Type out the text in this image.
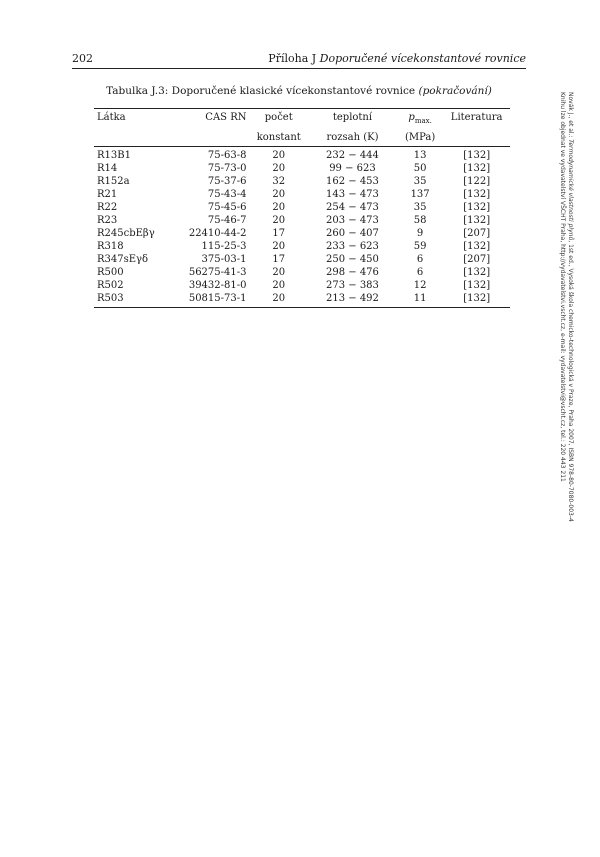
202	Příloha J Doporučené vícekonstantové rovnice
Tabulka J.3: Doporučené klasické vícekonstantové rovnice (pokračování)
Látka	CAS RN	počet	teplotní	$p_{max.}$	Literatura
		konstant	rozsah (K)	(MPa)	
R13B1	75-63-8	20	232 − 444	13	[132]
R14	75-73-0	20	99 − 623	50	[132]
R152a	75-37-6	32	162 − 453	35	[122]
R21	75-43-4	20	143 − 473	137	[132]
R22	75-45-6	20	254 − 473	35	[132]
R23	75-46-7	20	203 − 473	58	[132]
R245cbEβγ	22410-44-2	17	260 − 407	9	[207]
R318	115-25-3	20	233 − 623	59	[132]
R347sEγδ	375-03-1	17	250 − 450	6	[207]
R500	56275-41-3	20	298 − 476	6	[132]
R502	39432-81-0	20	273 − 383	12	[132]
R503	50815-73-1	20	213 − 492	11	[132]
Novák J., et al.: Termodynamické vlastnosti plynů, 1st ed., Vysoká škola chemicko-technologická v Praze, Praha 2007, ISBN 978-80-7080-003-4
Knihu lze objednat ve vydavatelství VŠCHT Praha, http://vydavatelstvi.vscht.cz, e-mail: vydavatelstvi@vscht.cz, tel.: 220 443 211
